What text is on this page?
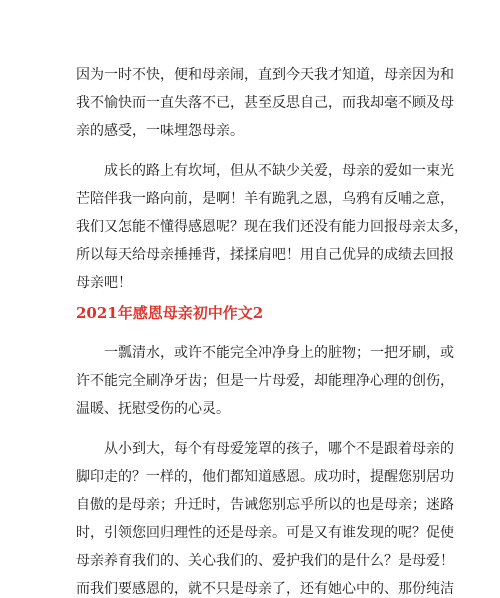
因为一时不快，便和母亲闹，直到今天我才知道，母亲因为和
我不愉快而一直失落不已，甚至反思自己，而我却毫不顾及母
亲的感受，一味埋怨母亲。
　　成长的路上有坎坷，但从不缺少关爱，母亲的爱如一束光
芒陪伴我一路向前，是啊！羊有跪乳之恩，乌鸦有反哺之意，
我们又怎能不懂得感恩呢？现在我们还没有能力回报母亲太多，
所以每天给母亲捶捶背，揉揉肩吧！用自己优异的成绩去回报
母亲吧！
2021年感恩母亲初中作文2
　　一瓢清水，或许不能完全冲净身上的脏物；一把牙刷，或
许不能完全刷净牙齿；但是一片母爱，却能理净心理的创伤，
温暖、抚慰受伤的心灵。
　　从小到大，每个有母爱笼罩的孩子，哪个不是跟着母亲的
脚印走的？一样的，他们都知道感恩。成功时，提醒您别居功
自傲的是母亲；升迁时，告诫您别忘乎所以的也是母亲；迷路
时，引领您回归理性的还是母亲。可是又有谁发现的呢？促使
母亲养育我们的、关心我们的、爱护我们的是什么？是母爱！
而我们要感恩的，就不只是母亲了，还有她心中的、那份纯洁
